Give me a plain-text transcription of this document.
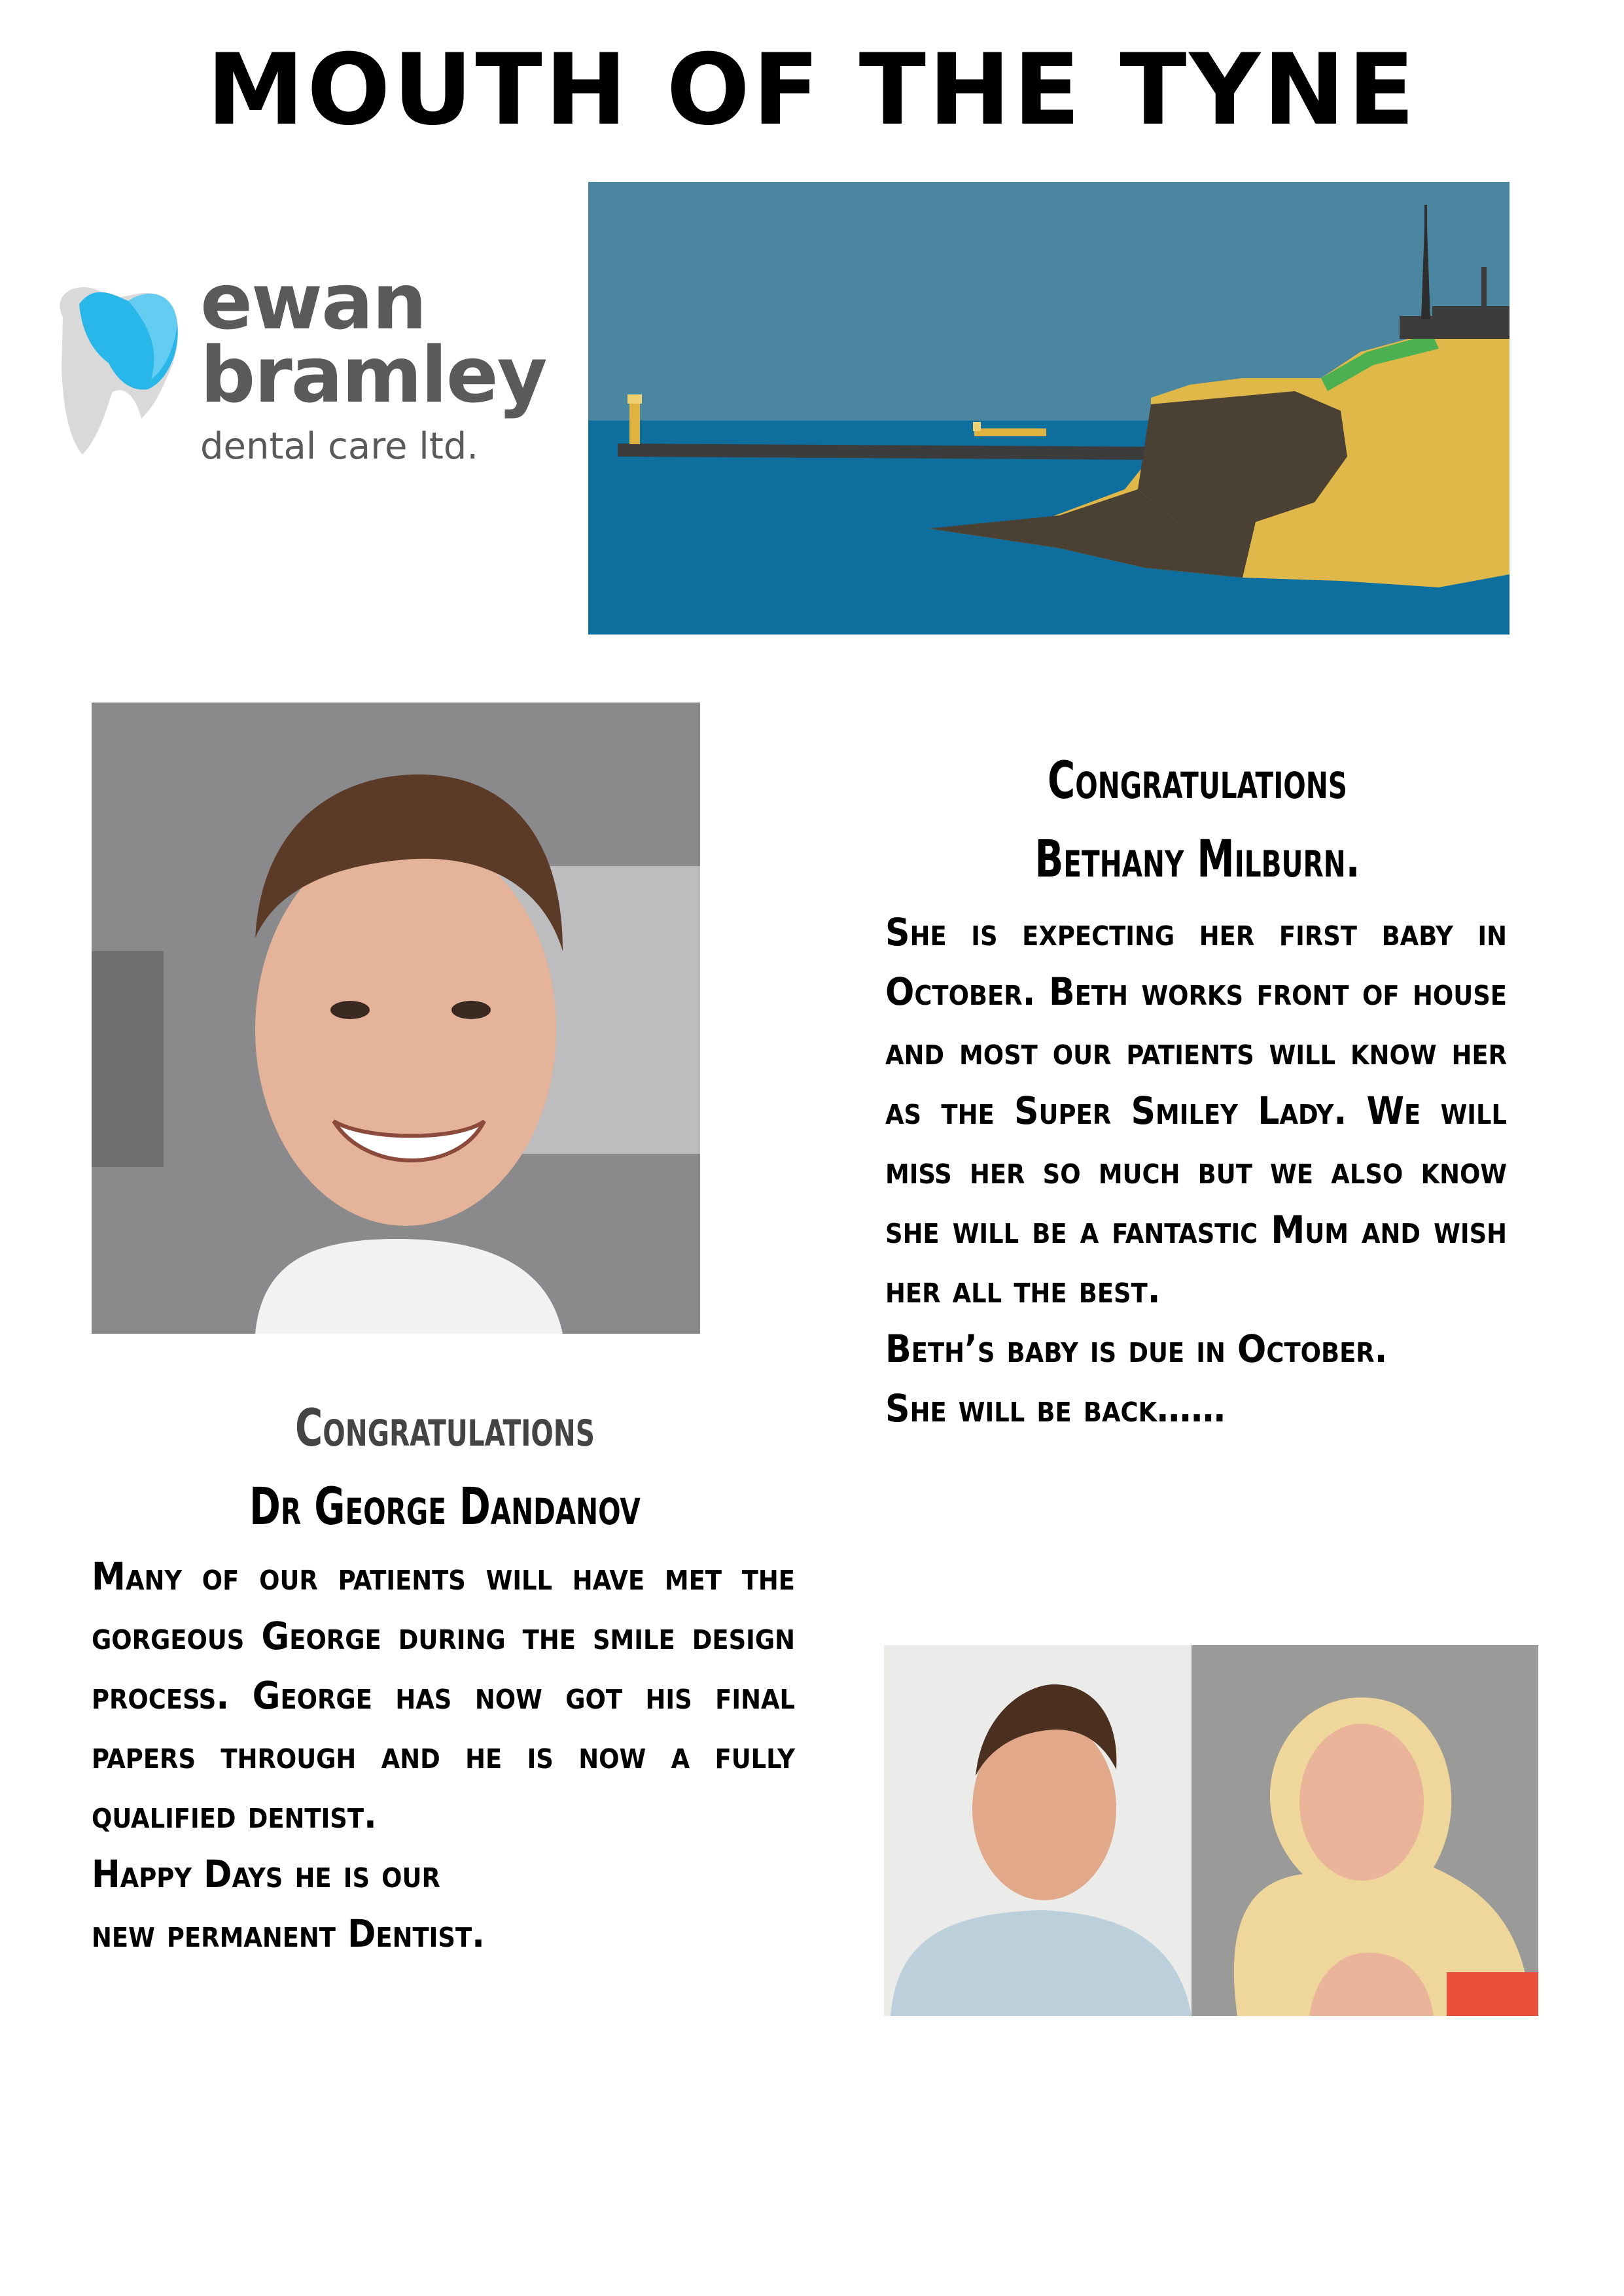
MOUTH OF THE TYNE
ewan
bramley
dental care ltd.
Congratulations
Bethany Milburn.

She is expecting her first baby in October. Beth works front of house and most our patients will know her as the Super Smiley Lady. We will miss her so much but we also know she will be a fantastic Mum and wish her all the best.

Beth’s baby is due in October.
She will be back……
Congratulations
Dr George Dandanov

Many of our patients will have met the gorgeous George during the smile design process. George has now got his final papers through and he is now a fully qualified dentist.

Happy Days he is our
new permanent Dentist.
